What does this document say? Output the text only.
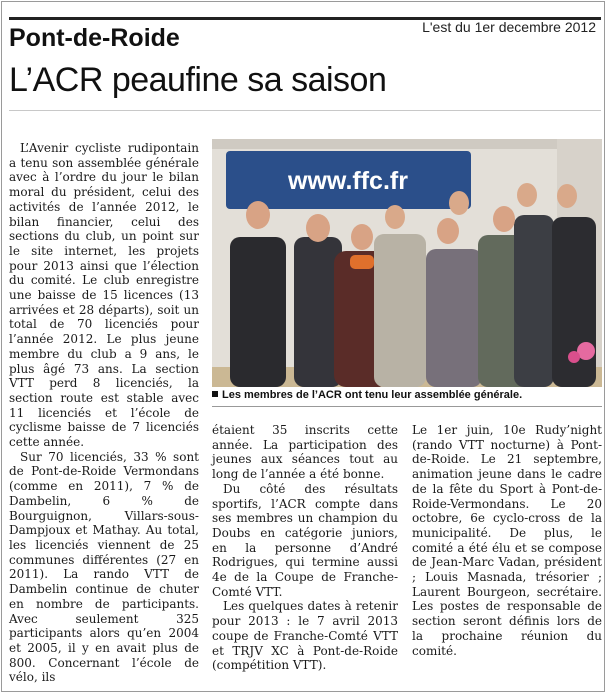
L'est du 1er decembre 2012
Pont-de-Roide
L’ACR peaufine sa saison

L’Avenir cycliste rudipontain a tenu son assemblée générale avec à l’ordre du jour le bilan moral du président, celui des activités de l’année 2012, le bilan financier, celui des sections du club, un point sur le site internet, les projets pour 2013 ainsi que l’élection du comité. Le club enregistre une baisse de 15 licences (13 arrivées et 28 départs), soit un total de 70 licenciés pour l’année 2012. Le plus jeune membre du club a 9 ans, le plus âgé 73 ans. La section VTT perd 8 licenciés, la section route est stable avec 11 licenciés et l’école de cyclisme baisse de 7 licenciés cette année.

Sur 70 licenciés, 33 % sont de Pont-de-Roide Vermondans (comme en 2011), 7 % de Dambelin, 6 % de Bourguignon, Villars-sous-Dampjoux et Mathay. Au total, les licenciés viennent de 25 communes différentes (27 en 2011). La rando VTT de Dambelin continue de chuter en nombre de participants. Avec seulement 325 participants alors qu’en 2004 et 2005, il y en avait plus de 800. Concernant l’école de vélo, ils

www.ffc.fr
Les membres de l’ACR ont tenu leur assemblée générale.

étaient 35 inscrits cette année. La participation des jeunes aux séances tout au long de l’année a été bonne.

Du côté des résultats sportifs, l’ACR compte dans ses membres un champion du Doubs en catégorie juniors, en la personne d’André Rodrigues, qui termine aussi 4e de la Coupe de Franche-Comté VTT.

Les quelques dates à retenir pour 2013 : le 7 avril 2013 coupe de Franche-Comté VTT et TRJV XC à Pont-de-Roide (compétition VTT).

Le 1er juin, 10e Rudy’night (rando VTT nocturne) à Pont-de-Roide. Le 21 septembre, animation jeune dans le cadre de la fête du Sport à Pont-de-Roide-Vermondans. Le 20 octobre, 6e cyclo-cross de la municipalité. De plus, le comité a été élu et se compose de Jean-Marc Vadan, président ; Louis Masnada, trésorier ; Laurent Bourgeon, secrétaire. Les postes de responsable de section seront définis lors de la prochaine réunion du comité.
